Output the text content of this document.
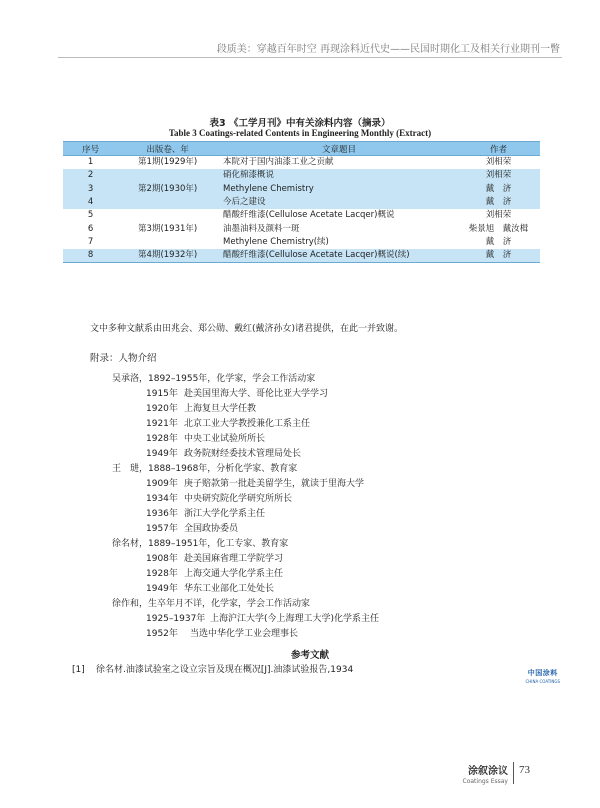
段质美：穿越百年时空 再现涂料近代史——民国时期化工及相关行业期刊一瞥
表3 《工学月刊》中有关涂料内容（摘录）
Table 3 Coatings-related Contents in Engineering Monthly (Extract)
序号	出版卷、年	文章题目	作者
1	第1期(1929年)	本院对于国内油漆工业之贡献	刘相荣
2		硝化棉漆概说	刘相荣
3	第2期(1930年)	Methylene Chemistry	戴　济
4		今后之建设	戴　济
5		醋酸纤维漆(Cellulose Acetate Lacqer)概说	刘相荣
6	第3期(1931年)	油墨油料及颜料一斑	柴景旭　戴汝楫
7		Methylene Chemistry(续)	戴　济
8	第4期(1932年)	醋酸纤维漆(Cellulose Acetate Lacqer)概说(续)	戴　济
文中多种文献系由田兆会、郑公勋、戴红(戴济孙女)诸君提供，在此一并致谢。
附录：人物介绍
吴承洛，1892–1955年，化学家，学会工作活动家
1915年 赴美国里海大学、哥伦比亚大学学习
1920年 上海复旦大学任教
1921年 北京工业大学教授兼化工系主任
1928年 中央工业试验所所长
1949年 政务院财经委技术管理局处长
王　琎，1888–1968年，分析化学家、教育家
1909年 庚子赔款第一批赴美留学生，就读于里海大学
1934年 中央研究院化学研究所所长
1936年 浙江大学化学系主任
1957年 全国政协委员
徐名材，1889–1951年，化工专家、教育家
1908年 赴美国麻省理工学院学习
1928年 上海交通大学化学系主任
1949年 华东工业部化工处处长
徐作和，生卒年月不详，化学家，学会工作活动家
1925–1937年 上海沪江大学(今上海理工大学)化学系主任
1952年 当选中华化学工业会理事长
参考文献
[1] 徐名材.油漆试验室之设立宗旨及现在概况[J].油漆试验报告,1934	中国涂料
CHINA COATINGS
涂叙涂议
Coatings Essay
73
